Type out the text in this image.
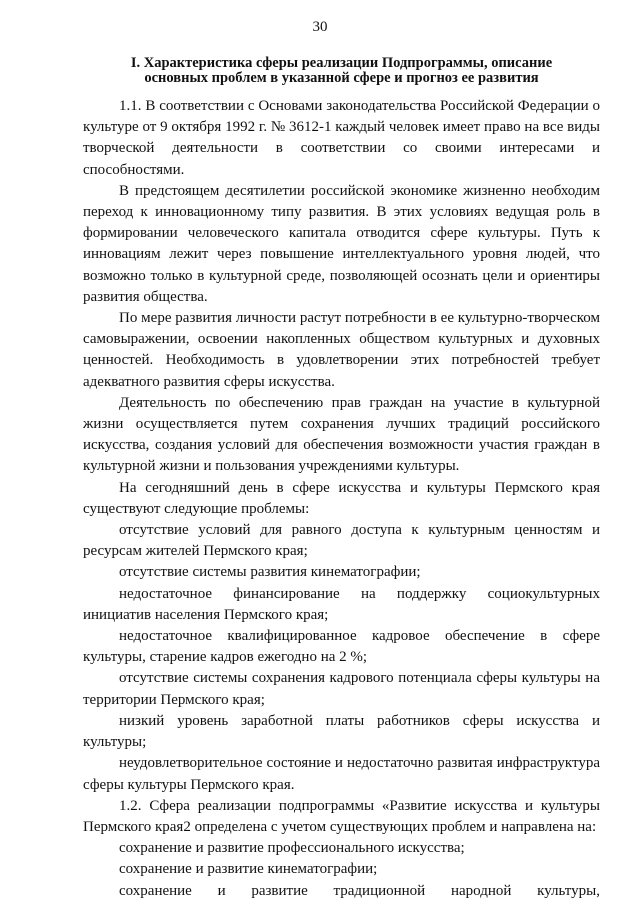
30
I. Характеристика сферы реализации Подпрограммы, описание
основных проблем в указанной сфере и прогноз ее развития

1.1. В соответствии с Основами законодательства Российской Федерации о культуре от 9 октября 1992 г. № 3612-1 каждый человек имеет право на все виды творческой деятельности в соответствии со своими интересами и способностями.

В предстоящем десятилетии российской экономике жизненно необходим переход к инновационному типу развития. В этих условиях ведущая роль в формировании человеческого капитала отводится сфере культуры. Путь к инновациям лежит через повышение интеллектуального уровня людей, что возможно только в культурной среде, позволяющей осознать цели и ориентиры развития общества.

По мере развития личности растут потребности в ее культурно-творческом самовыражении, освоении накопленных обществом культурных и духовных ценностей. Необходимость в удовлетворении этих потребностей требует адекватного развития сферы искусства.

Деятельность по обеспечению прав граждан на участие в культурной жизни осуществляется путем сохранения лучших традиций российского искусства, создания условий для обеспечения возможности участия граждан в культурной жизни и пользования учреждениями культуры.

На сегодняшний день в сфере искусства и культуры Пермского края существуют следующие проблемы:

отсутствие условий для равного доступа к культурным ценностям и ресурсам жителей Пермского края;

отсутствие системы развития кинематографии;

недостаточное финансирование на поддержку социокультурных инициатив населения Пермского края;

недостаточное квалифицированное кадровое обеспечение в сфере культуры, старение кадров ежегодно на 2 %;

отсутствие системы сохранения кадрового потенциала сферы культуры на территории Пермского края;

низкий уровень заработной платы работников сферы искусства и культуры;

неудовлетворительное состояние и недостаточно развитая инфраструктура сферы культуры Пермского края.

1.2. Сфера реализации подпрограммы «Развитие искусства и культуры Пермского края2 определена с учетом существующих проблем и направлена на:

сохранение и развитие профессионального искусства;

сохранение и развитие кинематографии;

сохранение и развитие традиционной народной культуры,
